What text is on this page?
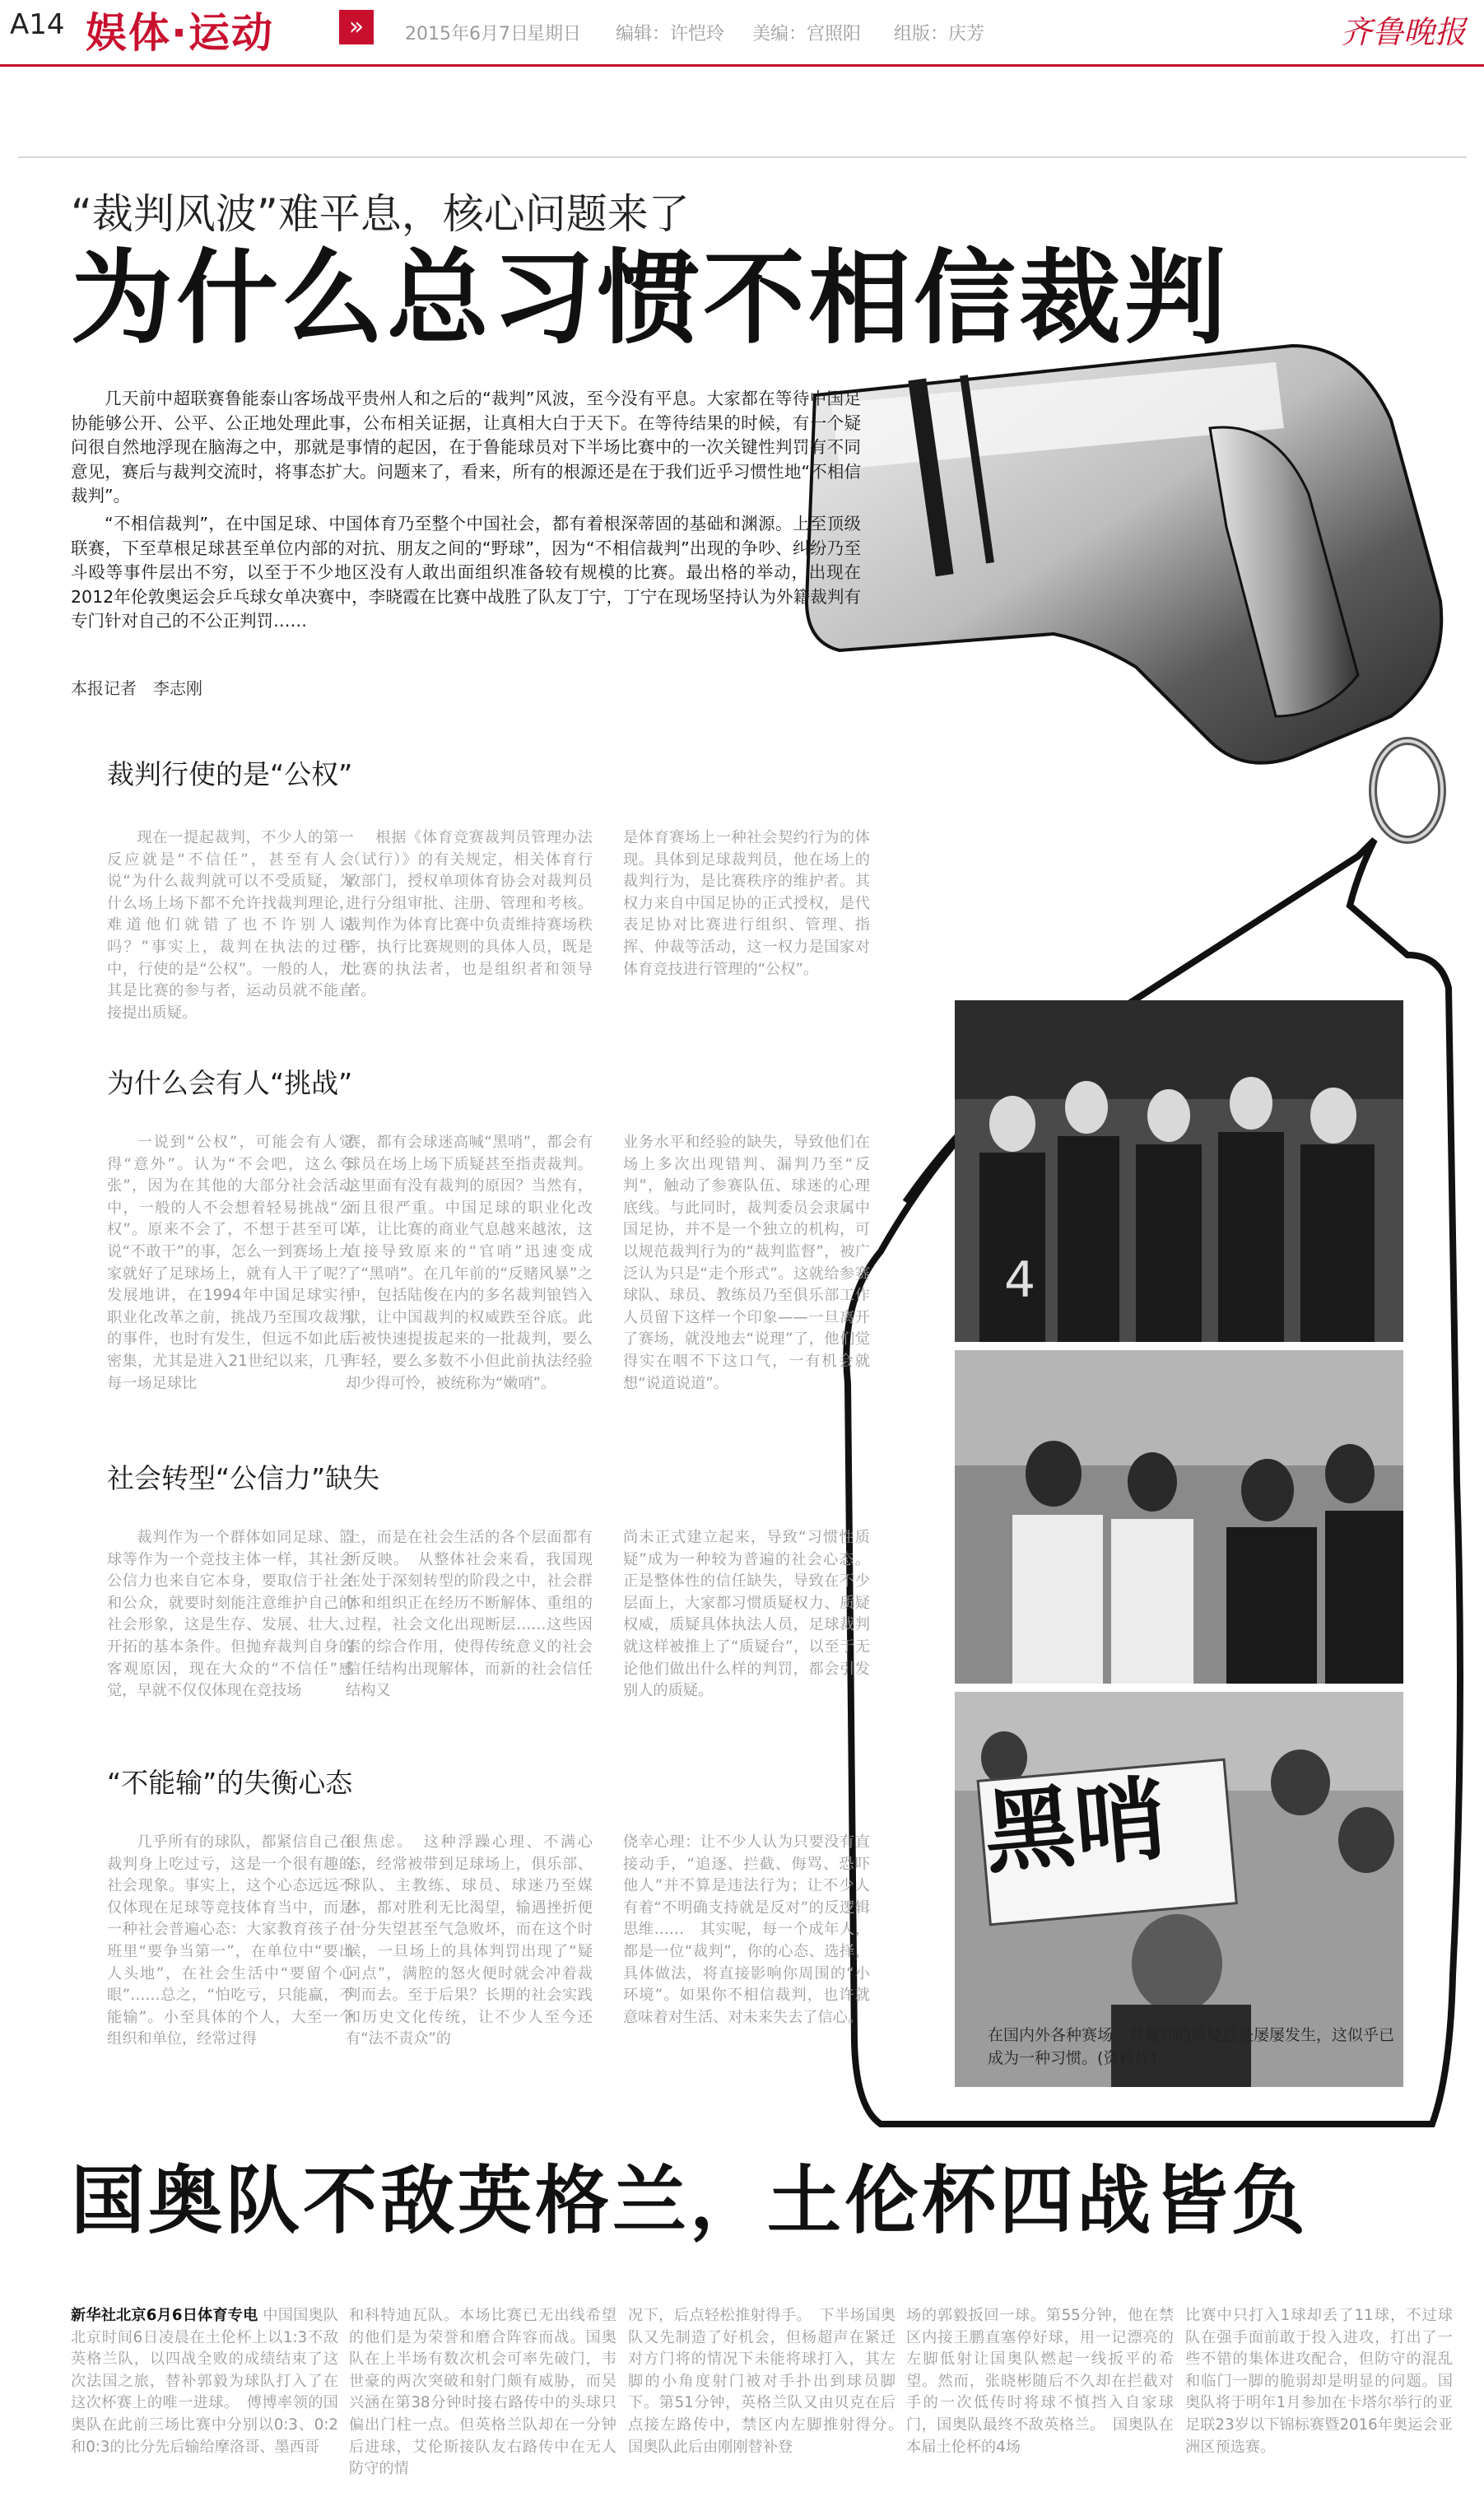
A14 娱体·运动	»	2015年6月7日
星期日 编辑：许恺玲 美编：宫照阳 组版：庆芳	齐鲁晚报
“裁判风波”难平息，核心问题来了
为什么总习惯不相信裁判
4
黑哨
在国内外各种赛场，对裁判的质疑总是屡屡发生，这似乎已成为一种习惯。(资料片)
几天前中超联赛鲁能泰山客场战平贵州人和之后的“裁判”风波，至今没有平息。大家都在等待中国足协能够公开、公平、公正地处理此事，公布相关证据，让真相大白于天下。在等待结果的时候，有一个疑问很自然地浮现在脑海之中，那就是事情的起因，在于鲁能球员对下半场比赛中的一次关键性判罚有不同意见，赛后与裁判交流时，将事态扩大。问题来了，看来，所有的根源还是在于我们近乎习惯性地“不相信裁判”。
“不相信裁判”，在中国足球、中国体育乃至整个中国社会，都有着根深蒂固的基础和渊源。上至顶级联赛，下至草根足球甚至单位内部的对抗、朋友之间的“野球”，因为“不相信裁判”出现的争吵、纠纷乃至斗殴等事件层出不穷，以至于不少地区没有人敢出面组织准备较有规模的比赛。最出格的举动，出现在2012年伦敦奥运会乒乓球女单决赛中，李晓霞在比赛中战胜了队友丁宁，丁宁在现场坚持认为外籍裁判有专门针对自己的不公正判罚……
本报记者　李志刚
裁判行使的是“公权”
现在一提起裁判，不少人的第一反应就是“不信任”，甚至有人会说“为什么裁判就可以不受质疑，为什么场上场下都不允许找裁判理论，难道他们就错了也不许别人说吗？”事实上，裁判在执法的过程中，行使的是“公权”。一般的人，尤其是比赛的参与者，运动员就不能直接提出质疑。
根据《体育竞赛裁判员管理办法（试行）》的有关规定，相关体育行政部门，授权单项体育协会对裁判员进行分组审批、注册、管理和考核。裁判作为体育比赛中负责维持赛场秩序，执行比赛规则的具体人员，既是比赛的执法者，也是组织者和领导者。
是体育赛场上一种社会契约行为的体现。具体到足球裁判员，他在场上的裁判行为，是比赛秩序的维护者。其权力来自中国足协的正式授权，是代表足协对比赛进行组织、管理、指挥、仲裁等活动，这一权力是国家对体育竞技进行管理的“公权”。
为什么会有人“挑战”
一说到“公权”，可能会有人觉得“意外”。认为“不会吧，这么夸张”，因为在其他的大部分社会活动中，一般的人不会想着轻易挑战“公权”。原来不会了，不想于甚至可以说“不敢干”的事，怎么一到赛场上大家就好了足球场上，就有人干了呢？　发展地讲，在1994年中国足球实行职业化改革之前，挑战乃至围攻裁判的事件，也时有发生，但远不如此后密集，尤其是进入21世纪以来，几乎每一场足球比
赛，都有会球迷高喊“黑哨”，都会有球员在场上场下质疑甚至指责裁判。这里面有没有裁判的原因？当然有，而且很严重。中国足球的职业化改革，让比赛的商业气息越来越浓，这直接导致原来的“官哨”迅速变成了“黑哨”。在几年前的“反赌风暴”之中，包括陆俊在内的多名裁判锒铛入狱，让中国裁判的权威跌至谷底。此后被快速提拔起来的一批裁判，要么年轻，要么多数不小但此前执法经验却少得可怜，被统称为“嫩哨”。
业务水平和经验的缺失，导致他们在场上多次出现错判、漏判乃至“反判”，触动了参赛队伍、球迷的心理底线。与此同时，裁判委员会隶属中国足协，并不是一个独立的机构，可以规范裁判行为的“裁判监督”，被广泛认为只是“走个形式”。这就给参赛球队、球员、教练员乃至俱乐部工作人员留下这样一个印象——一旦离开了赛场，就没地去“说理”了，他们觉得实在咽不下这口气，一有机会就想“说道说道”。
社会转型“公信力”缺失
裁判作为一个群体如同足球、篮球等作为一个竞技主体一样，其社会公信力也来自它本身，要取信于社会和公众，就要时刻能注意维护自己的社会形象，这是生存、发展、壮大、开拓的基本条件。但抛弃裁判自身的客观原因，现在大众的“不信任”感觉，早就不仅仅体现在竞技场
上，而是在社会生活的各个层面都有所反映。　从整体社会来看，我国现在处于深刻转型的阶段之中，社会群体和组织正在经历不断解体、重组的过程，社会文化出现断层……这些因素的综合作用，使得传统意义的社会信任结构出现解体，而新的社会信任结构又
尚未正式建立起来，导致“习惯性质疑”成为一种较为普遍的社会心态。正是整体性的信任缺失，导致在不少层面上，大家都习惯质疑权力、质疑权威，质疑具体执法人员，足球裁判就这样被推上了“质疑台”，以至于无论他们做出什么样的判罚，都会引发别人的质疑。
“不能输”的失衡心态
几乎所有的球队，都紧信自己在裁判身上吃过亏，这是一个很有趣的社会现象。事实上，这个心态远远不仅体现在足球等竞技体育当中，而是一种社会普遍心态：大家教育孩子在班里“要争当第一”，在单位中“要出人头地”，在社会生活中“要留个心眼”……总之，“怕吃亏，只能赢，不能输”。小至具体的个人，大至一个组织和单位，经常过得
很焦虑。　这种浮躁心理、不满心态，经常被带到足球场上，俱乐部、球队、主教练、球员、球迷乃至媒体，都对胜利无比渴望，输遇挫折便十分失望甚至气急败坏，而在这个时候，一旦场上的具体判罚出现了“疑问点”，满腔的怒火便时就会冲着裁判而去。至于后果？长期的社会实践和历史文化传统，让不少人至今还有“法不责众”的
侥幸心理：让不少人认为只要没有直接动手，“追逐、拦截、侮骂、恐吓他人”并不算是违法行为；让不少人有着“不明确支持就是反对”的反逻辑思维……　其实呢，每一个成年人，都是一位“裁判”，你的心态、选择，具体做法，将直接影响你周围的“小环境”。如果你不相信裁判，也许就意味着对生活、对未来失去了信心。
国奥队不敌英格兰，土伦杯四战皆负
新华社北京6月6日体育专电 中国国奥队北京时间6日凌晨在土伦杯上以1:3不敌英格兰队，以四战全败的成绩结束了这次法国之旅，替补郭毅为球队打入了在这次杯赛上的唯一进球。　傅博率领的国奥队在此前三场比赛中分别以0:3、0:2和0:3的比分先后输给摩洛哥、墨西哥
和科特迪瓦队。本场比赛已无出线希望的他们是为荣誉和磨合阵容而战。国奥队在上半场有数次机会可率先破门，韦世豪的两次突破和射门颇有威胁，而吴兴涵在第38分钟时接右路传中的头球只偏出门柱一点。但英格兰队却在一分钟后进球，艾伦斯接队友右路传中在无人防守的情
况下，后点轻松推射得手。　下半场国奥队又先制造了好机会，但杨超声在紧迁对方门将的情况下未能将球打入，其左脚的小角度射门被对手扑出到球员脚下。第51分钟，英格兰队又由贝克在后点接左路传中，禁区内左脚推射得分。　国奥队此后由刚刚替补登
场的郭毅扳回一球。第55分钟，他在禁区内接王鹏直塞停好球，用一记漂亮的左脚低射让国奥队燃起一线扳平的希望。然而，张晓彬随后不久却在拦截对手的一次低传时将球不慎挡入自家球门，国奥队最终不敌英格兰。　国奥队在本届土伦杯的4场
比赛中只打入1球却丢了11球，不过球队在强手面前敢于投入进攻，打出了一些不错的集体进攻配合，但防守的混乱和临门一脚的脆弱却是明显的问题。国奥队将于明年1月参加在卡塔尔举行的亚足联23岁以下锦标赛暨2016年奥运会亚洲区预选赛。
